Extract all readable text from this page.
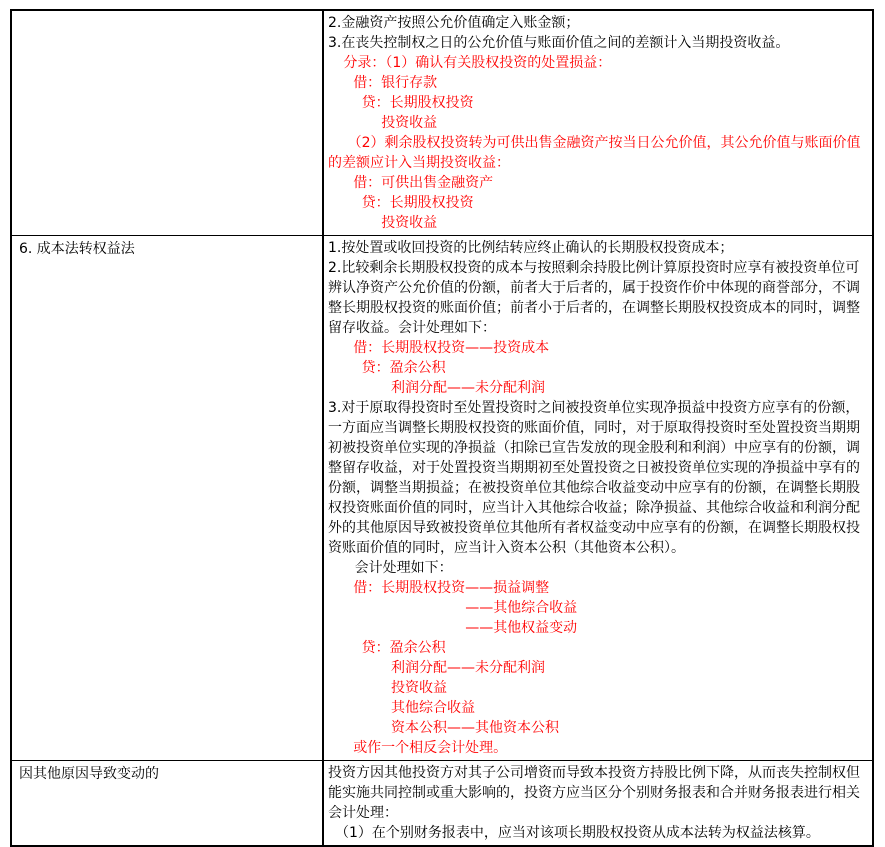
2.金融资产按照公允价值确定入账金额；
3.在丧失控制权之日的公允价值与账面价值之间的差额计入当期投资收益。
分录：（1）确认有关股权投资的处置损益：
借：银行存款
贷：长期股权投资
投资收益
（2）剩余股权投资转为可供出售金融资产按当日公允价值，其公允价值与账面价值的差额应计入当期投资收益：
借：可供出售金融资产
贷：长期股权投资
投资收益
6. 成本法转权益法	1.按处置或收回投资的比例结转应终止确认的长期股权投资成本；
2.比较剩余长期股权投资的成本与按照剩余持股比例计算原投资时应享有被投资单位可辨认净资产公允价值的份额，前者大于后者的，属于投资作价中体现的商誉部分，不调整长期股权投资的账面价值；前者小于后者的，在调整长期股权投资成本的同时，调整留存收益。会计处理如下：
借：长期股权投资——投资成本
贷：盈余公积
利润分配——未分配利润
3.对于原取得投资时至处置投资时之间被投资单位实现净损益中投资方应享有的份额，一方面应当调整长期股权投资的账面价值，同时，对于原取得投资时至处置投资当期期初被投资单位实现的净损益（扣除已宣告发放的现金股利和利润）中应享有的份额，调整留存收益，对于处置投资当期期初至处置投资之日被投资单位实现的净损益中享有的份额，调整当期损益；在被投资单位其他综合收益变动中应享有的份额，在调整长期股权投资账面价值的同时，应当计入其他综合收益；除净损益、其他综合收益和利润分配外的其他原因导致被投资单位其他所有者权益变动中应享有的份额，在调整长期股权投资账面价值的同时，应当计入资本公积（其他资本公积）。
会计处理如下：
借：长期股权投资——损益调整
——其他综合收益
——其他权益变动
贷：盈余公积
利润分配——未分配利润
投资收益
其他综合收益
资本公积——其他资本公积
或作一个相反会计处理。
因其他原因导致变动的	投资方因其他投资方对其子公司增资而导致本投资方持股比例下降，从而丧失控制权但能实施共同控制或重大影响的，投资方应当区分个别财务报表和合并财务报表进行相关会计处理：
（1）在个别财务报表中，应当对该项长期股权投资从成本法转为权益法核算。
